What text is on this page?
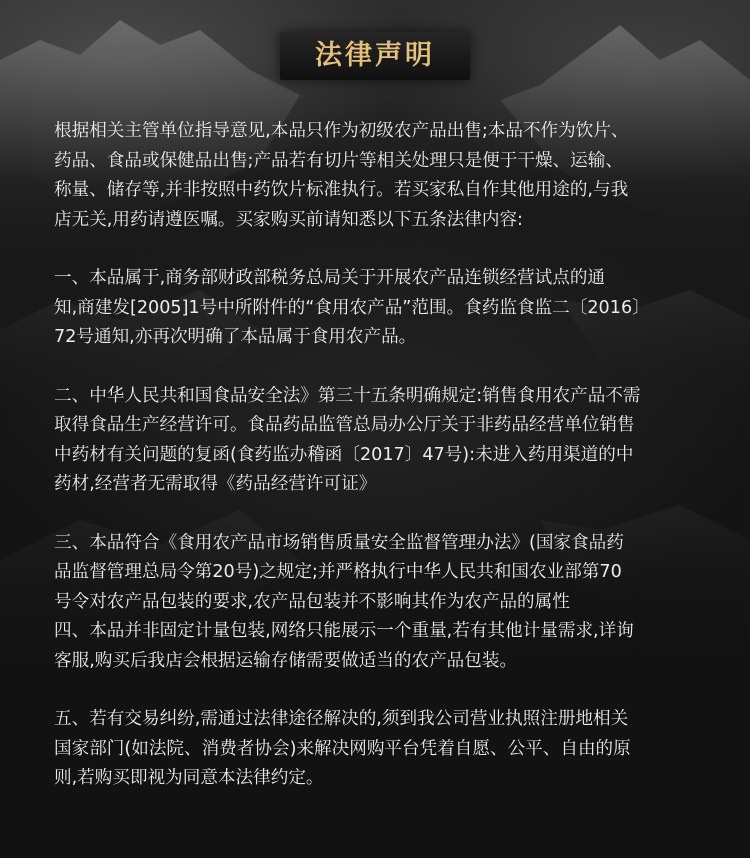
法律声明
根据相关主管单位指导意见,本品只作为初级农产品出售;本品不作为饮片、
药品、食品或保健品出售;产品若有切片等相关处理只是便于干燥、运输、
称量、储存等,并非按照中药饮片标准执行。若买家私自作其他用途的,与我
店无关,用药请遵医嘱。买家购买前请知悉以下五条法律内容:
一、本品属于,商务部财政部税务总局关于开展农产品连锁经营试点的通
知,商建发[2005]1号中所附件的“食用农产品”范围。食药监食监二〔2016〕
72号通知,亦再次明确了本品属于食用农产品。
二、中华人民共和国食品安全法》第三十五条明确规定:销售食用农产品不需
取得食品生产经营许可。食品药品监管总局办公厅关于非药品经营单位销售
中药材有关问题的复函(食药监办稽函〔2017〕47号):未进入药用渠道的中
药材,经营者无需取得《药品经营许可证》
三、本品符合《食用农产品市场销售质量安全监督管理办法》(国家食品药
品监督管理总局令第20号)之规定;并严格执行中华人民共和国农业部第70
号令对农产品包装的要求,农产品包装并不影响其作为农产品的属性
四、本品并非固定计量包装,网络只能展示一个重量,若有其他计量需求,详询
客服,购买后我店会根据运输存储需要做适当的农产品包装。
五、若有交易纠纷,需通过法律途径解决的,须到我公司营业执照注册地相关
国家部门(如法院、消费者协会)来解决网购平台凭着自愿、公平、自由的原
则,若购买即视为同意本法律约定。
